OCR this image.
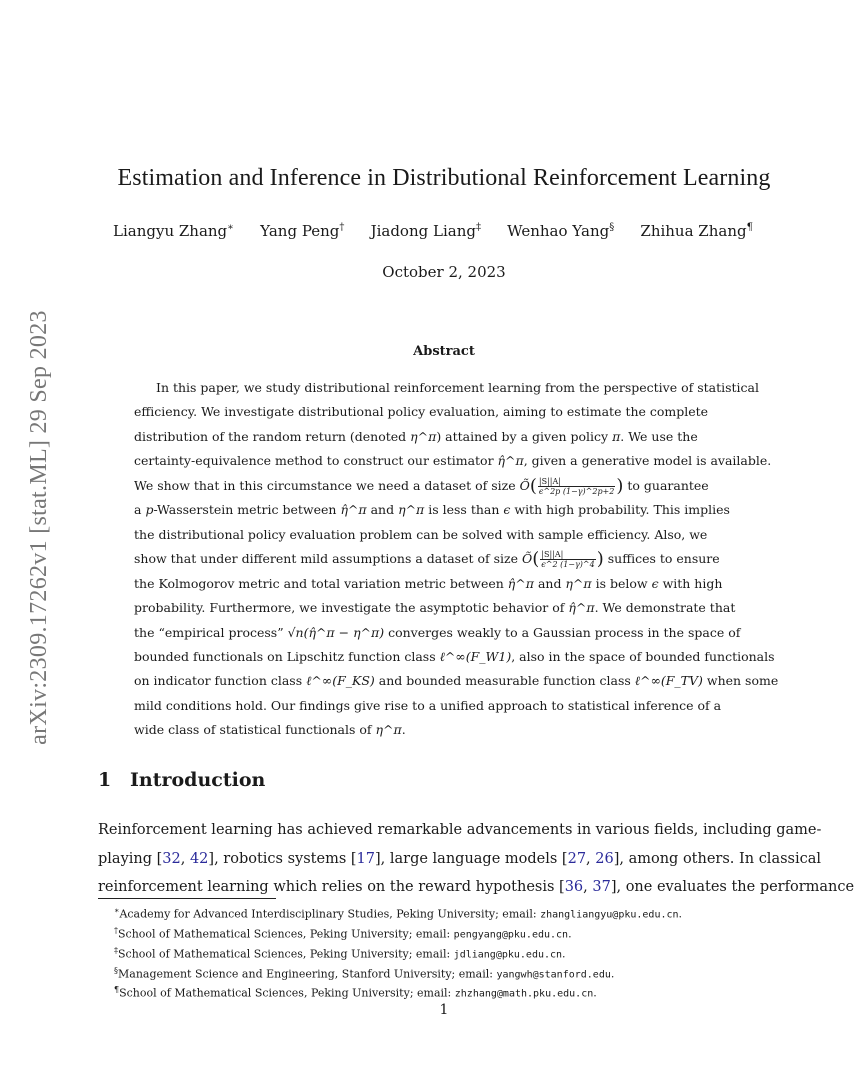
arXiv:2309.17262v1 [stat.ML] 29 Sep 2023
Estimation and Inference in Distributional Reinforcement Learning
Liangyu Zhang∗ Yang Peng† Jiadong Liang‡ Wenhao Yang§ Zhihua Zhang¶
October 2, 2023
Abstract
In this paper, we study distributional reinforcement learning from the perspective of statistical
efficiency. We investigate distributional policy evaluation, aiming to estimate the complete
distribution of the random return (denoted η^π) attained by a given policy π. We use the
certainty-equivalence method to construct our estimator η̂^π, given a generative model is available.
We show that in this circumstance we need a dataset of size Õ( $\frac{|S||A|}{\epsilon\^{}2p (1-\gamma)\^{}2p+2}$ ) to guarantee
a p-Wasserstein metric between η̂^π and η^π is less than ϵ with high probability. This implies
the distributional policy evaluation problem can be solved with sample efficiency. Also, we
show that under different mild assumptions a dataset of size Õ( $\frac{|S||A|}{\epsilon\^{}2 (1-\gamma)\^{}4}$ ) suffices to ensure
the Kolmogorov metric and total variation metric between η̂^π and η^π is below ϵ with high
probability. Furthermore, we investigate the asymptotic behavior of η̂^π. We demonstrate that
the “empirical process” √n(η̂^π − η^π) converges weakly to a Gaussian process in the space of
bounded functionals on Lipschitz function class ℓ^∞(F_W1), also in the space of bounded functionals
on indicator function class ℓ^∞(F_KS) and bounded measurable function class ℓ^∞(F_TV) when some
mild conditions hold. Our findings give rise to a unified approach to statistical inference of a
wide class of statistical functionals of η^π.
1 Introduction
Reinforcement learning has achieved remarkable advancements in various fields, including game-
playing [32, 42], robotics systems [17], large language models [27, 26], among others. In classical
reinforcement learning which relies on the reward hypothesis [36, 37], one evaluates the performance
∗Academy for Advanced Interdisciplinary Studies, Peking University; email: zhangliangyu@pku.edu.cn.
†School of Mathematical Sciences, Peking University; email: pengyang@pku.edu.cn.
‡School of Mathematical Sciences, Peking University; email: jdliang@pku.edu.cn.
§Management Science and Engineering, Stanford University; email: yangwh@stanford.edu.
¶School of Mathematical Sciences, Peking University; email: zhzhang@math.pku.edu.cn.
1
